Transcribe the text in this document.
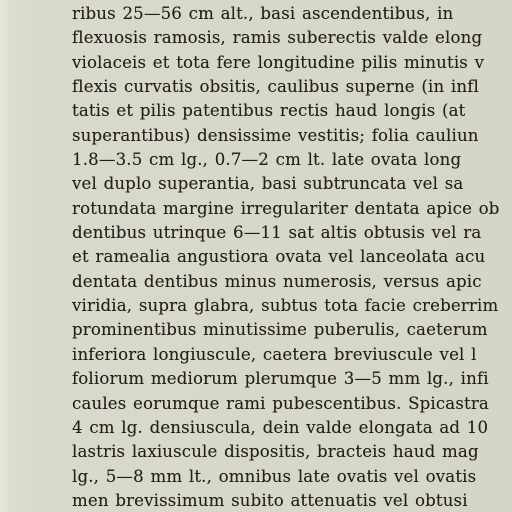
ribus 25—56 cm alt., basi ascendentibus, in
flexuosis ramosis, ramis suberectis valde elong
violaceis et tota fere longitudine pilis minutis v
flexis curvatis obsitis, caulibus superne (in infl
tatis et pilis patentibus rectis haud longis (at
superantibus) densissime vestitis; folia cauliun
1.8—3.5 cm lg., 0.7—2 cm lt. late ovata long
vel duplo superantia, basi subtruncata vel sa
rotundata margine irregulariter dentata apice ob
dentibus utrinque 6—11 sat altis obtusis vel ra
et ramealia angustiora ovata vel lanceolata acu
dentata dentibus minus numerosis, versus apic
viridia, supra glabra, subtus tota facie creberrim
prominentibus minutissime puberulis, caeterum
inferiora longiuscule, caetera breviuscule vel l
foliorum mediorum plerumque 3—5 mm lg., infi
caules eorumque rami pubescentibus. Spicastra
4 cm lg. densiuscula, dein valde elongata ad 10
lastris laxiuscule dispositis, bracteis haud mag
lg., 5—8 mm lt., omnibus late ovatis vel ovatis
men brevissimum subito attenuatis vel obtusi
